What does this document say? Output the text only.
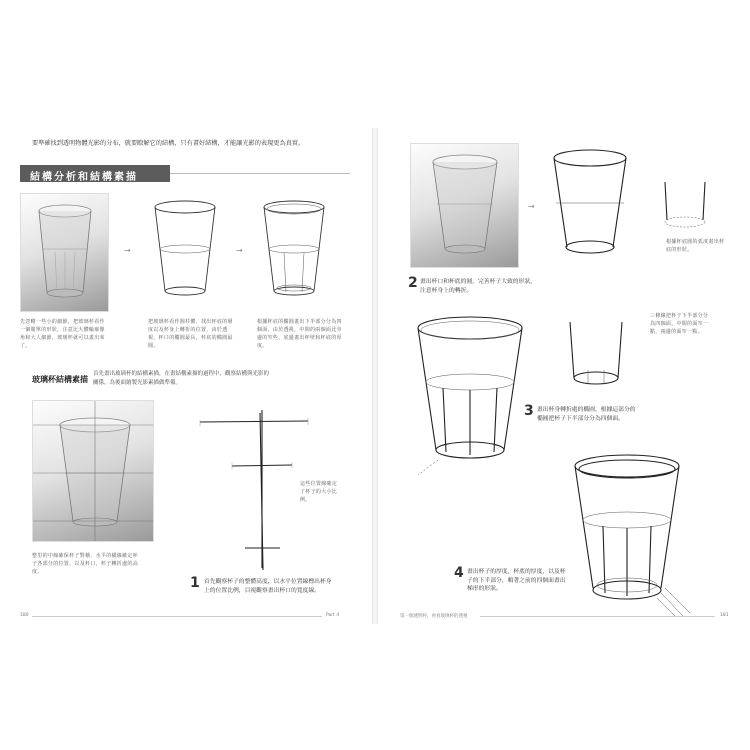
要準確找到透明物體光影的分布，就要瞭解它的結構，只有畫好結構，才能讓光影的表現更為真實。
結構分析和結構素描
→	→
先忽略一些小的細節，把玻璃杯看作一個簡單的形狀，注意比大體輪廓像角和大人細節，玻璃杯就可以畫出來了。
把玻璃杯看作圓柱體，找出杯底的層度以及杯身上轉折的位置，由於透視，杯口的橢圓最長，杯底的橢圓最圓。
根據杯底的橢圓畫出下半部分分為四個面，由於透視，中間的兩個面比旁邊的窄些，底邊畫出杯壁和杯底的厚度。
玻璃杯結構素描
首先畫出玻璃杯的結構素描，在畫結構素描的過程中，觀察結構與光影的關係，為後面繪製光影素描做準備。
這些位置線確定了杯子的大小比例。
整里的中線確保杯子對稱，水平的橫線確定杯子各部分的位置，以及杯口，杯子轉折處的高度。
1 首先觀察杯子的整體高度，以水平位置線標出杯身上的位置比例，目視觀察畫出杯口的寬度線。
180	Part 4
→
根據杯底圓的弧度畫出杯底的形狀。
2 畫出杯口和杯底的圓，完善杯子大致的形狀，注意杯身上的轉折。
三條線把杯子下半部分分為四個面，中間的面窄一點，兩邊的面窄一點。
3 畫出杯身轉折處的橢圓，根據這部分的橢圓把杯子下半部分分為四個面。
4 畫出杯子的厚度，杯底的厚度，以及杯子的下半部分，順著之前的四個面畫出梯形的形狀。
第一個透明杯，看看玻璃杯的透視	181
